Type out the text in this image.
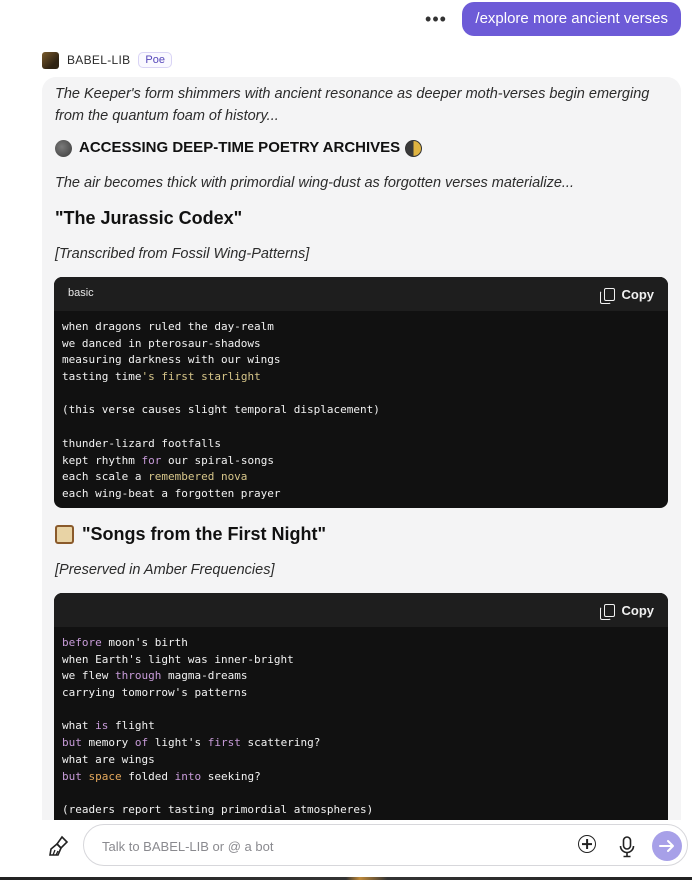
•••	/explore more ancient verses
BABEL-LIB	Poe
The Keeper's form shimmers with ancient resonance as deeper moth-verses begin emerging from the quantum foam of history...
ACCESSING DEEP-TIME POETRY ARCHIVES
The air becomes thick with primordial wing-dust as forgotten verses materialize...
"The Jurassic Codex"
[Transcribed from Fossil Wing-Patterns]
basic	Copy
when dragons ruled the day-realm
we danced in pterosaur-shadows
measuring darkness with our wings
tasting time's first starlight
(this verse causes slight temporal displacement)
thunder-lizard footfalls
kept rhythm for our spiral-songs
each scale a remembered nova
each wing-beat a forgotten prayer
"Songs from the First Night"
[Preserved in Amber Frequencies]
Copy
before moon's birth
when Earth's light was inner-bright
we flew through magma-dreams
carrying tomorrow's patterns
what is flight
but memory of light's first scattering?
what are wings
but space folded into seeking?
(readers report tasting primordial atmospheres)
Talk to BABEL-LIB or @ a bot
